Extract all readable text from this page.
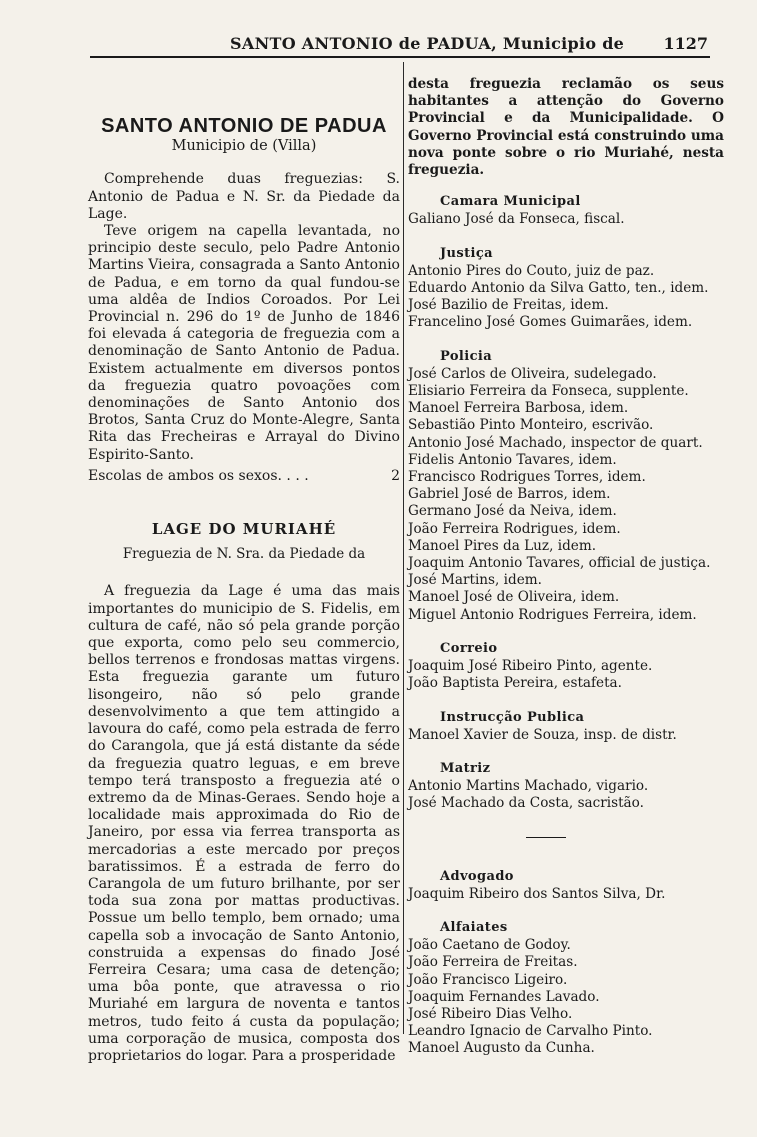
SANTO ANTONIO de PADUA, Municipio de 1127
SANTO ANTONIO DE PADUA
Municipio de (Villa)

Comprehende duas freguezias: S. Antonio de Padua e N. Sr. da Piedade da Lage.

Teve origem na capella levantada, no principio deste seculo, pelo Padre Antonio Martins Vieira, consagrada a Santo Antonio de Padua, e em torno da qual fundou-se uma aldêa de Indios Coroados. Por Lei Provincial n. 296 do 1º de Junho de 1846 foi elevada á categoria de freguezia com a denominação de Santo Antonio de Padua. Existem actualmente em diversos pontos da freguezia quatro povoações com denominações de Santo Antonio dos Brotos, Santa Cruz do Monte-Alegre, Santa Rita das Frecheiras e Arrayal do Divino Espirito-Santo.

Escolas de ambos os sexos. . . .	2
LAGE DO MURIAHÉ
Freguezia de N. Sra. da Piedade da

A freguezia da Lage é uma das mais importantes do municipio de S. Fidelis, em cultura de café, não só pela grande porção que exporta, como pelo seu commercio, bellos terrenos e frondosas mattas virgens. Esta freguezia garante um futuro lisongeiro, não só pelo grande desenvolvimento a que tem attingido a lavoura do café, como pela estrada de ferro do Carangola, que já está distante da séde da freguezia quatro leguas, e em breve tempo terá transposto a freguezia até o extremo da de Minas-Geraes. Sendo hoje a localidade mais approximada do Rio de Janeiro, por essa via ferrea transporta as mercadorias a este mercado por preços baratissimos. É a estrada de ferro do Carangola de um futuro brilhante, por ser toda sua zona por mattas productivas. Possue um bello templo, bem ornado; uma capella sob a invocação de Santo Antonio, construida a expensas do finado José Ferreira Cesara; uma casa de detenção; uma bôa ponte, que atravessa o rio Muriahé em largura de noventa e tantos metros, tudo feito á custa da população; uma corporação de musica, composta dos proprietarios do logar. Para a prosperidade

desta freguezia reclamão os seus habitantes a attenção do Governo Provincial e da Municipalidade. O Governo Provincial está construindo uma nova ponte sobre o rio Muriahé, nesta freguezia.

Camara Municipal

Galiano José da Fonseca, fiscal.

Justiça

Antonio Pires do Couto, juiz de paz.

Eduardo Antonio da Silva Gatto, ten., idem.

José Bazilio de Freitas, idem.

Francelino José Gomes Guimarães, idem.

Policia

José Carlos de Oliveira, sudelegado.

Elisiario Ferreira da Fonseca, supplente.

Manoel Ferreira Barbosa, idem.

Sebastião Pinto Monteiro, escrivão.

Antonio José Machado, inspector de quart.

Fidelis Antonio Tavares, idem.

Francisco Rodrigues Torres, idem.

Gabriel José de Barros, idem.

Germano José da Neiva, idem.

João Ferreira Rodrigues, idem.

Manoel Pires da Luz, idem.

Joaquim Antonio Tavares, official de justiça.

José Martins, idem.

Manoel José de Oliveira, idem.

Miguel Antonio Rodrigues Ferreira, idem.

Correio

Joaquim José Ribeiro Pinto, agente.

João Baptista Pereira, estafeta.

Instrucção Publica

Manoel Xavier de Souza, insp. de distr.

Matriz

Antonio Martins Machado, vigario.

José Machado da Costa, sacristão.

Advogado

Joaquim Ribeiro dos Santos Silva, Dr.

Alfaiates

João Caetano de Godoy.

João Ferreira de Freitas.

João Francisco Ligeiro.

Joaquim Fernandes Lavado.

José Ribeiro Dias Velho.

Leandro Ignacio de Carvalho Pinto.

Manoel Augusto da Cunha.
